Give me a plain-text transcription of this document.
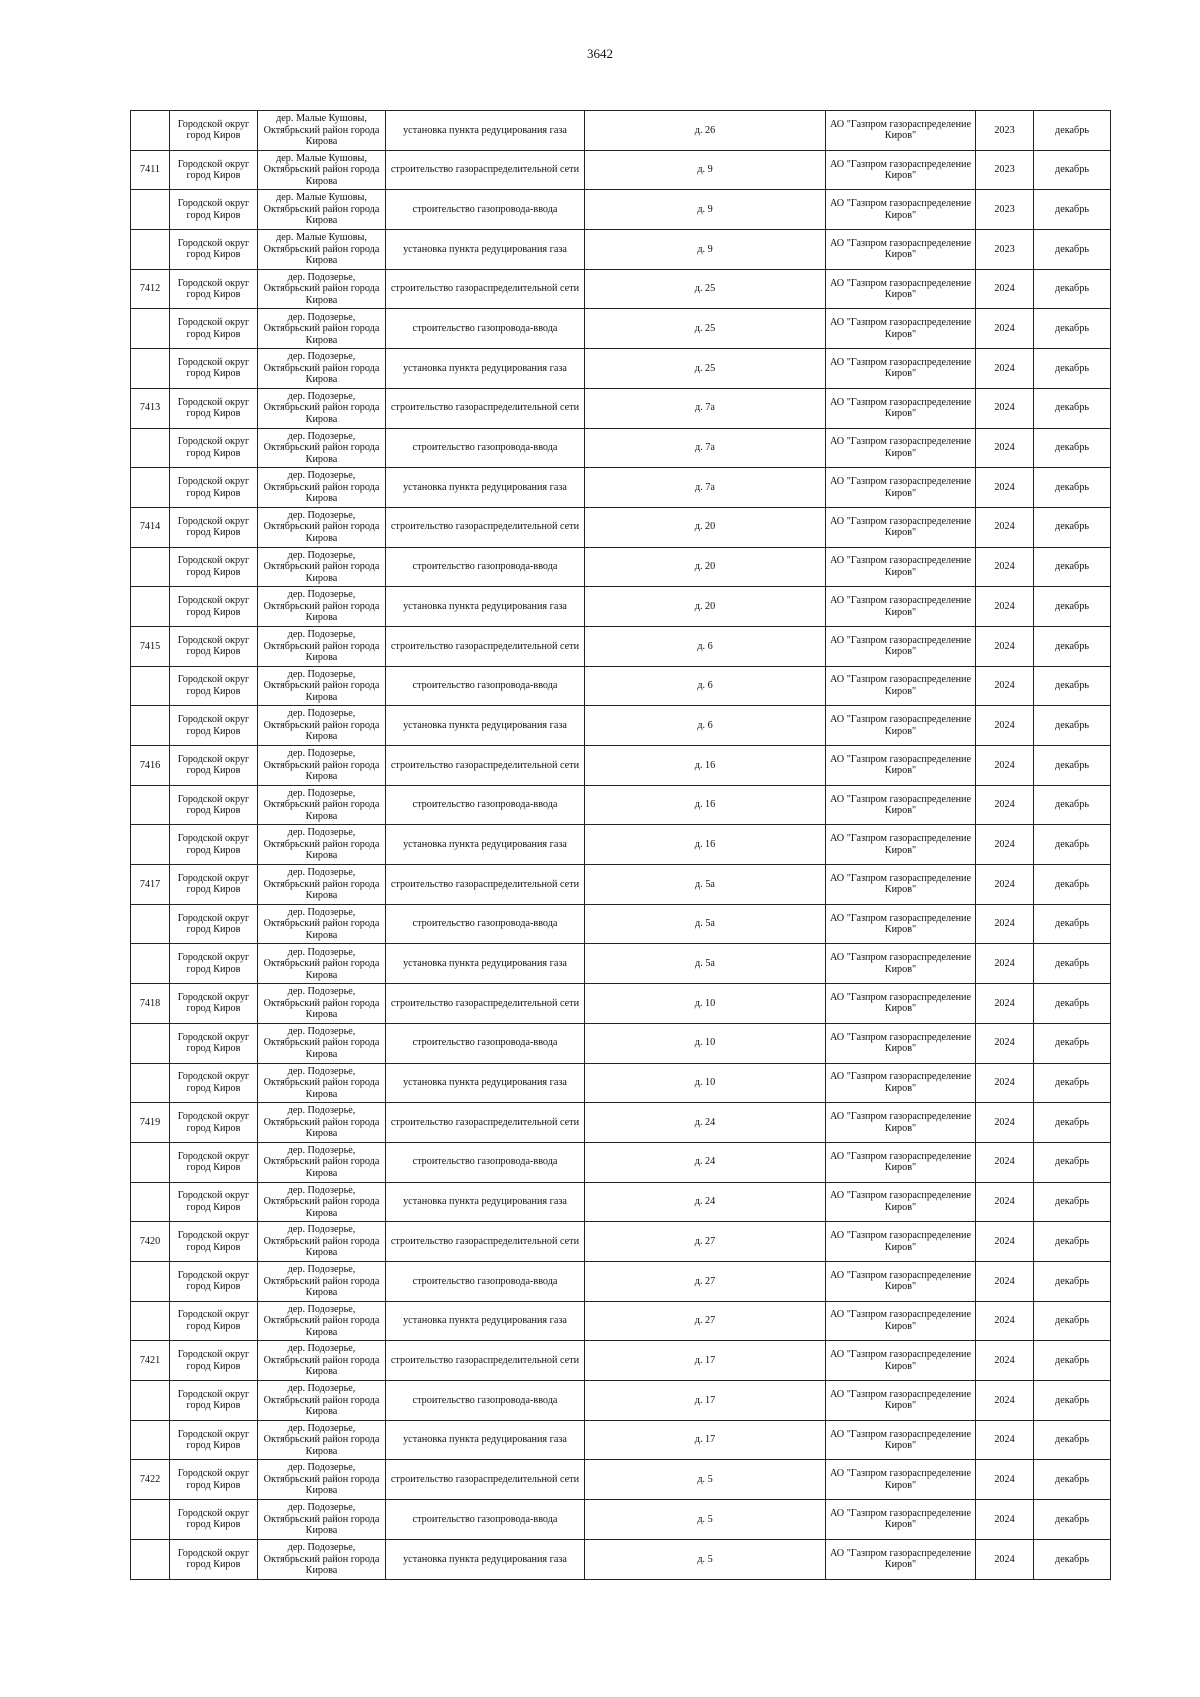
3642
	Городской округ город Киров	дер. Малые Кушовы, Октябрьский район города Кирова	установка пункта редуцирования газа	д. 26	АО "Газпром газораспределение Киров"	2023	декабрь
7411	Городской округ город Киров	дер. Малые Кушовы, Октябрьский район города Кирова	строительство газораспределительной сети	д. 9	АО "Газпром газораспределение Киров"	2023	декабрь
	Городской округ город Киров	дер. Малые Кушовы, Октябрьский район города Кирова	строительство газопровода-ввода	д. 9	АО "Газпром газораспределение Киров"	2023	декабрь
	Городской округ город Киров	дер. Малые Кушовы, Октябрьский район города Кирова	установка пункта редуцирования газа	д. 9	АО "Газпром газораспределение Киров"	2023	декабрь
7412	Городской округ город Киров	дер. Подозерье, Октябрьский район города Кирова	строительство газораспределительной сети	д. 25	АО "Газпром газораспределение Киров"	2024	декабрь
	Городской округ город Киров	дер. Подозерье, Октябрьский район города Кирова	строительство газопровода-ввода	д. 25	АО "Газпром газораспределение Киров"	2024	декабрь
	Городской округ город Киров	дер. Подозерье, Октябрьский район города Кирова	установка пункта редуцирования газа	д. 25	АО "Газпром газораспределение Киров"	2024	декабрь
7413	Городской округ город Киров	дер. Подозерье, Октябрьский район города Кирова	строительство газораспределительной сети	д. 7а	АО "Газпром газораспределение Киров"	2024	декабрь
	Городской округ город Киров	дер. Подозерье, Октябрьский район города Кирова	строительство газопровода-ввода	д. 7а	АО "Газпром газораспределение Киров"	2024	декабрь
	Городской округ город Киров	дер. Подозерье, Октябрьский район города Кирова	установка пункта редуцирования газа	д. 7а	АО "Газпром газораспределение Киров"	2024	декабрь
7414	Городской округ город Киров	дер. Подозерье, Октябрьский район города Кирова	строительство газораспределительной сети	д. 20	АО "Газпром газораспределение Киров"	2024	декабрь
	Городской округ город Киров	дер. Подозерье, Октябрьский район города Кирова	строительство газопровода-ввода	д. 20	АО "Газпром газораспределение Киров"	2024	декабрь
	Городской округ город Киров	дер. Подозерье, Октябрьский район города Кирова	установка пункта редуцирования газа	д. 20	АО "Газпром газораспределение Киров"	2024	декабрь
7415	Городской округ город Киров	дер. Подозерье, Октябрьский район города Кирова	строительство газораспределительной сети	д. 6	АО "Газпром газораспределение Киров"	2024	декабрь
	Городской округ город Киров	дер. Подозерье, Октябрьский район города Кирова	строительство газопровода-ввода	д. 6	АО "Газпром газораспределение Киров"	2024	декабрь
	Городской округ город Киров	дер. Подозерье, Октябрьский район города Кирова	установка пункта редуцирования газа	д. 6	АО "Газпром газораспределение Киров"	2024	декабрь
7416	Городской округ город Киров	дер. Подозерье, Октябрьский район города Кирова	строительство газораспределительной сети	д. 16	АО "Газпром газораспределение Киров"	2024	декабрь
	Городской округ город Киров	дер. Подозерье, Октябрьский район города Кирова	строительство газопровода-ввода	д. 16	АО "Газпром газораспределение Киров"	2024	декабрь
	Городской округ город Киров	дер. Подозерье, Октябрьский район города Кирова	установка пункта редуцирования газа	д. 16	АО "Газпром газораспределение Киров"	2024	декабрь
7417	Городской округ город Киров	дер. Подозерье, Октябрьский район города Кирова	строительство газораспределительной сети	д. 5а	АО "Газпром газораспределение Киров"	2024	декабрь
	Городской округ город Киров	дер. Подозерье, Октябрьский район города Кирова	строительство газопровода-ввода	д. 5а	АО "Газпром газораспределение Киров"	2024	декабрь
	Городской округ город Киров	дер. Подозерье, Октябрьский район города Кирова	установка пункта редуцирования газа	д. 5а	АО "Газпром газораспределение Киров"	2024	декабрь
7418	Городской округ город Киров	дер. Подозерье, Октябрьский район города Кирова	строительство газораспределительной сети	д. 10	АО "Газпром газораспределение Киров"	2024	декабрь
	Городской округ город Киров	дер. Подозерье, Октябрьский район города Кирова	строительство газопровода-ввода	д. 10	АО "Газпром газораспределение Киров"	2024	декабрь
	Городской округ город Киров	дер. Подозерье, Октябрьский район города Кирова	установка пункта редуцирования газа	д. 10	АО "Газпром газораспределение Киров"	2024	декабрь
7419	Городской округ город Киров	дер. Подозерье, Октябрьский район города Кирова	строительство газораспределительной сети	д. 24	АО "Газпром газораспределение Киров"	2024	декабрь
	Городской округ город Киров	дер. Подозерье, Октябрьский район города Кирова	строительство газопровода-ввода	д. 24	АО "Газпром газораспределение Киров"	2024	декабрь
	Городской округ город Киров	дер. Подозерье, Октябрьский район города Кирова	установка пункта редуцирования газа	д. 24	АО "Газпром газораспределение Киров"	2024	декабрь
7420	Городской округ город Киров	дер. Подозерье, Октябрьский район города Кирова	строительство газораспределительной сети	д. 27	АО "Газпром газораспределение Киров"	2024	декабрь
	Городской округ город Киров	дер. Подозерье, Октябрьский район города Кирова	строительство газопровода-ввода	д. 27	АО "Газпром газораспределение Киров"	2024	декабрь
	Городской округ город Киров	дер. Подозерье, Октябрьский район города Кирова	установка пункта редуцирования газа	д. 27	АО "Газпром газораспределение Киров"	2024	декабрь
7421	Городской округ город Киров	дер. Подозерье, Октябрьский район города Кирова	строительство газораспределительной сети	д. 17	АО "Газпром газораспределение Киров"	2024	декабрь
	Городской округ город Киров	дер. Подозерье, Октябрьский район города Кирова	строительство газопровода-ввода	д. 17	АО "Газпром газораспределение Киров"	2024	декабрь
	Городской округ город Киров	дер. Подозерье, Октябрьский район города Кирова	установка пункта редуцирования газа	д. 17	АО "Газпром газораспределение Киров"	2024	декабрь
7422	Городской округ город Киров	дер. Подозерье, Октябрьский район города Кирова	строительство газораспределительной сети	д. 5	АО "Газпром газораспределение Киров"	2024	декабрь
	Городской округ город Киров	дер. Подозерье, Октябрьский район города Кирова	строительство газопровода-ввода	д. 5	АО "Газпром газораспределение Киров"	2024	декабрь
	Городской округ город Киров	дер. Подозерье, Октябрьский район города Кирова	установка пункта редуцирования газа	д. 5	АО "Газпром газораспределение Киров"	2024	декабрь
